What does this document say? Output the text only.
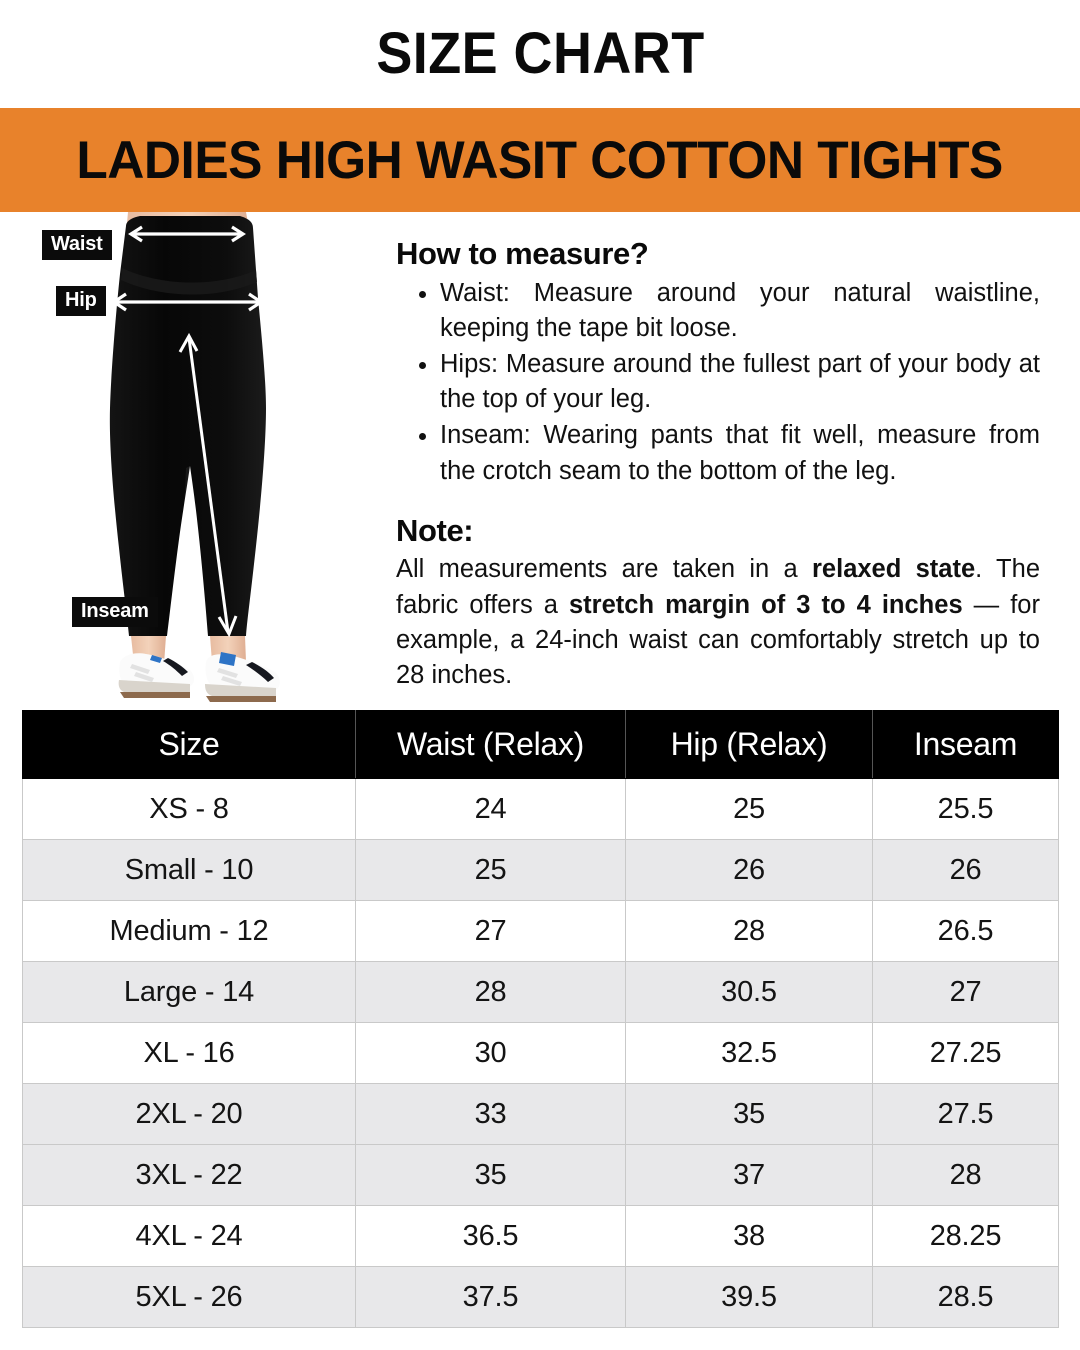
SIZE CHART
LADIES HIGH WASIT COTTON TIGHTS
Waist
Hip
Inseam
How to measure?
Waist: Measure around your natural waistline, keeping the tape bit loose.
Hips: Measure around the fullest part of your body at the top of your leg.
Inseam: Wearing pants that fit well, measure from the crotch seam to the bottom of the leg.
Note:
All measurements are taken in a relaxed state. The fabric offers a stretch margin of 3 to 4 inches — for example, a 24-inch waist can comfortably stretch up to 28 inches.
Size	Waist (Relax)	Hip (Relax)	Inseam
XS - 8	24	25	25.5
Small - 10	25	26	26
Medium - 12	27	28	26.5
Large - 14	28	30.5	27
XL - 16	30	32.5	27.25
2XL - 20	33	35	27.5
3XL - 22	35	37	28
4XL - 24	36.5	38	28.25
5XL - 26	37.5	39.5	28.5
